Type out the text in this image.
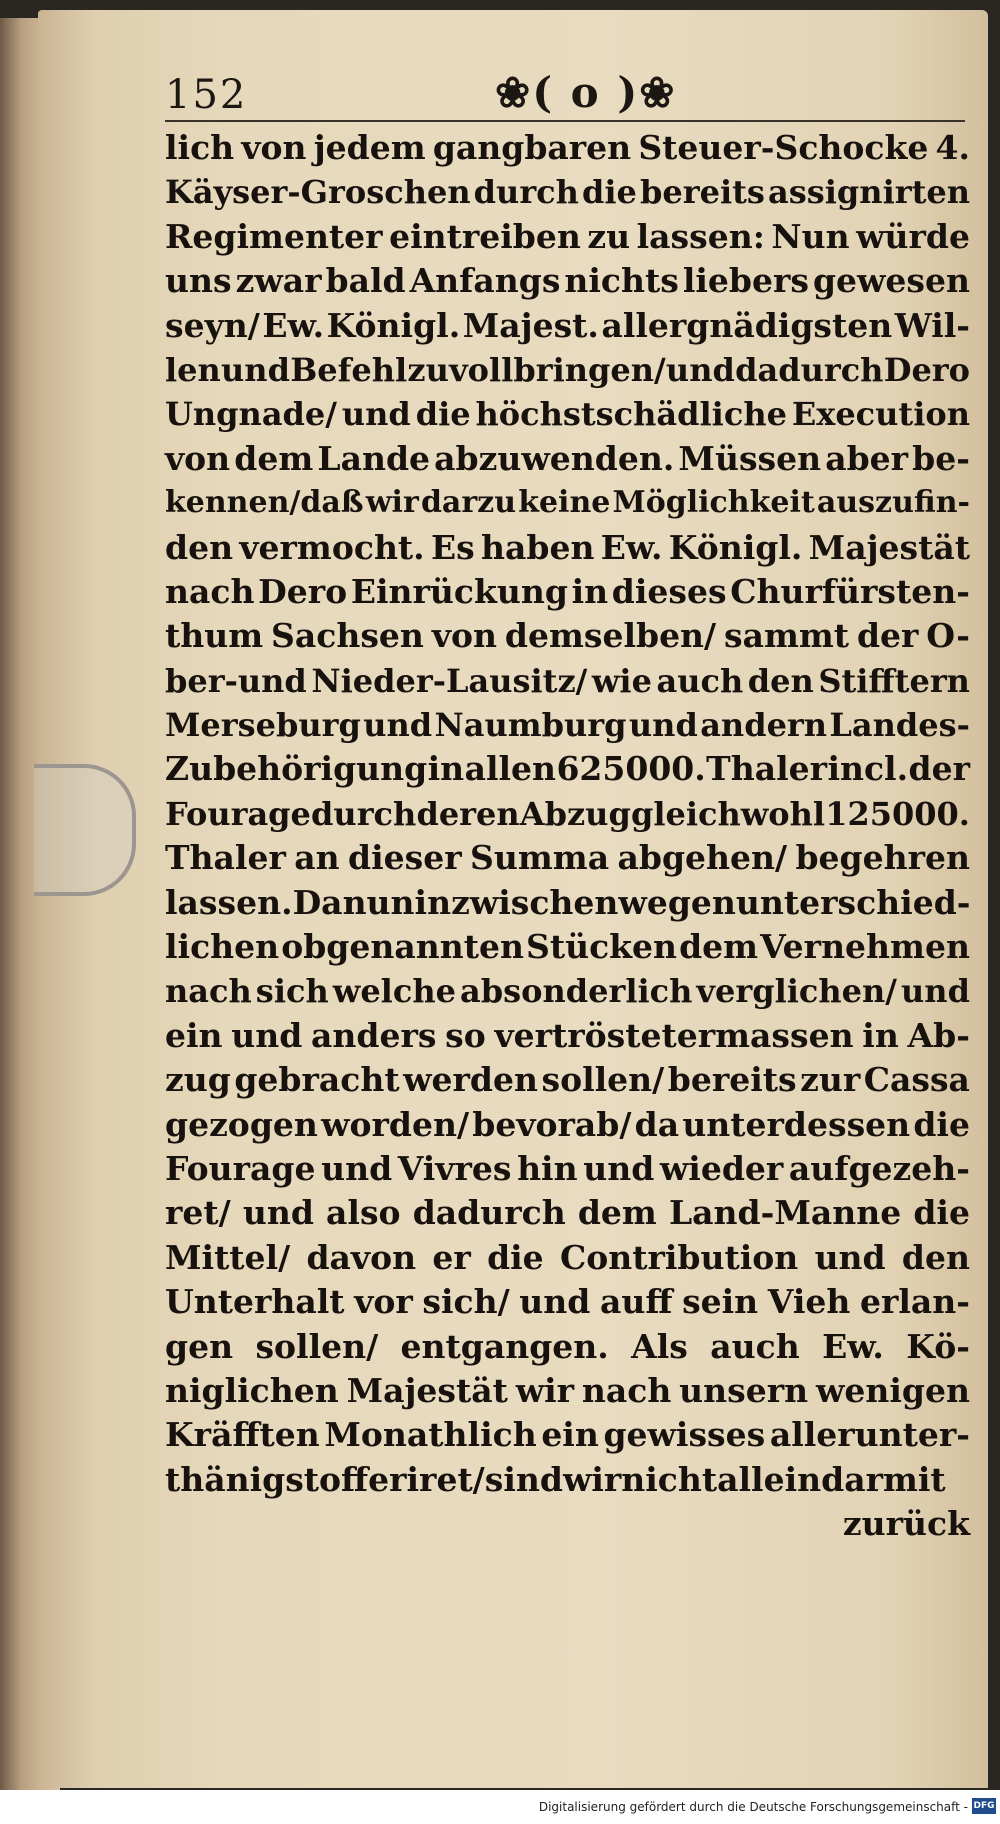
152	❀( o )❀
lich von jedem gangbaren Steuer-Schocke 4.
Käyser-Groschen durch die bereits assignirten
Regimenter eintreiben zu lassen: Nun würde
uns zwar bald Anfangs nichts liebers gewesen
seyn/ Ew. Königl. Majest. allergnädigsten Wil-
len und Befehl zu vollbringen/ und dadurch Dero
Ungnade/ und die höchstschädliche Execution
von dem Lande abzuwenden. Müssen aber be-
kennen/daß wir darzu keine Möglichkeit auszufin-
den vermocht. Es haben Ew. Königl. Majestät
nach Dero Einrückung in dieses Churfürsten-
thum Sachsen von demselben/ sammt der O-
ber-und Nieder-Lausitz/ wie auch den Stifftern
Merseburg und Naumburg und andern Landes-
Zubehörigung in allen 625000. Thaler incl. der
Fourage durch deren Abzug gleichwohl 125000.
Thaler an dieser Summa abgehen/ begehren
lassen. Da nun inzwischen wegen unterschied-
lichen obgenannten Stücken dem Vernehmen
nach sich welche absonderlich verglichen/ und
ein und anders so vertröstetermassen in Ab-
zug gebracht werden sollen/ bereits zur Cassa
gezogen worden/ bevorab/ da unterdessen die
Fourage und Vivres hin und wieder aufgezeh-
ret/ und also dadurch dem Land-Manne die
Mittel/ davon er die Contribution und den
Unterhalt vor sich/ und auff sein Vieh erlan-
gen sollen/ entgangen. Als auch Ew. Kö-
niglichen Majestät wir nach unsern wenigen
Kräfften Monathlich ein gewisses allerunter-
thänigst offeriret/ sind wir nicht allein darmit
zurück
Digitalisierung gefördert durch die Deutsche Forschungsgemeinschaft - DFG
